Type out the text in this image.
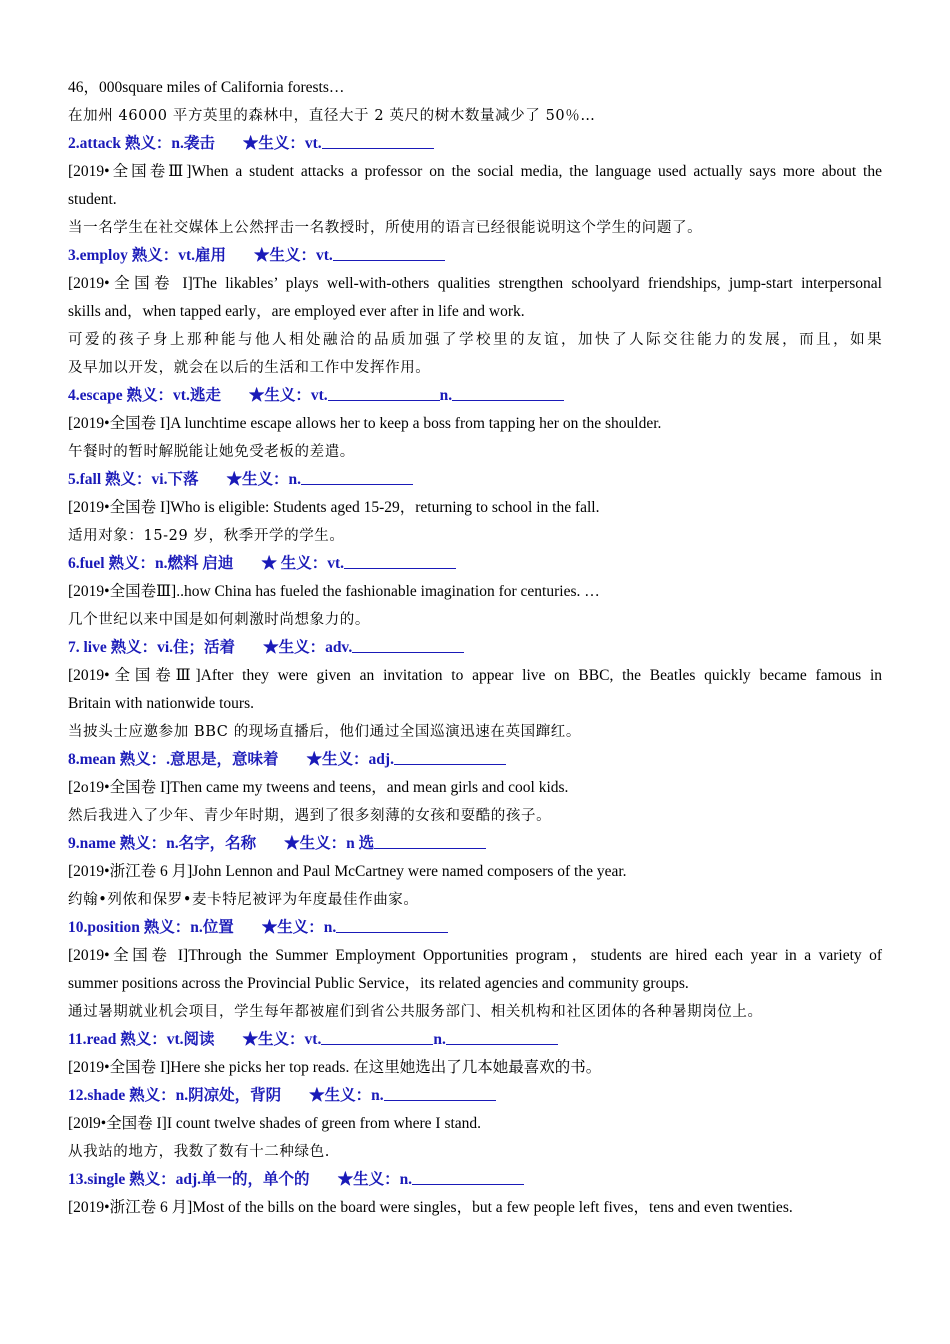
46，000square miles of California forests…
在加州 46000 平方英里的森林中，直径大于 2 英尺的树木数量减少了 50％…
2.attack 熟义：n.袭击 ★生义：vt.
[2019•全国卷Ⅲ]When a student attacks a professor on the social media, the language used actually says more about the
student.
当一名学生在社交媒体上公然抨击一名教授时，所使用的语言已经很能说明这个学生的问题了。
3.employ 熟义：vt.雇用 ★生义：vt.
[2019•全国卷 I]The likables’ plays well-with-others qualities strengthen schoolyard friendships, jump-start interpersonal
skills and，when tapped early，are employed ever after in life and work.
可爱的孩子身上那种能与他人相处融洽的品质加强了学校里的友谊，加快了人际交往能力的发展，而且，如果
及早加以开发，就会在以后的生活和工作中发挥作用。
4.escape 熟义：vt.逃走 ★生义：vt.	n.
[2019•全国卷 I]A lunchtime escape allows her to keep a boss from tapping her on the shoulder.
午餐时的暂时解脱能让她免受老板的差遣。
5.fall 熟义：vi.下落 ★生义：n.
[2019•全国卷 I]Who is eligible: Students aged 15-29，returning to school in the fall.
适用对象：15-29 岁，秋季开学的学生。
6.fuel 熟义：n.燃料 启迪 ★ 生义：vt.
[2019•全国卷Ⅲ]..how China has fueled the fashionable imagination for centuries. …
几个世纪以来中国是如何刺激时尚想象力的。
7. live 熟义：vi.住；活着 ★生义：adv.
[2019•全国卷Ⅲ]After they were given an invitation to appear live on BBC, the Beatles quickly became famous in
Britain with nationwide tours.
当披头士应邀参加 BBC 的现场直播后，他们通过全国巡演迅速在英国蹿红。
8.mean 熟义：.意思是，意味着 ★生义：adj.
[2o19•全国卷 I]Then came my tweens and teens，and mean girls and cool kids.
然后我进入了少年、青少年时期，遇到了很多刻薄的女孩和耍酷的孩子。
9.name 熟义：n.名字，名称 ★生义：n 选
[2019•浙江卷 6 月]John Lennon and Paul McCartney were named composers of the year.
约翰•列侬和保罗•麦卡特尼被评为年度最佳作曲家。
10.position 熟义：n.位置 ★生义：n.
[2019•全国卷 I]Through the Summer Employment Opportunities program，students are hired each year in a variety of
summer positions across the Provincial Public Service，its related agencies and community groups.
通过暑期就业机会项目，学生每年都被雇们到省公共服务部门、相关机构和社区团体的各种暑期岗位上。
11.read 熟义：vt.阅读 ★生义：vt.	n.
[2019•全国卷 I]Here she picks her top reads. 在这里她选出了几本她最喜欢的书。
12.shade 熟义：n.阴凉处，背阴 ★生义：n.
[20l9•全国卷 I]I count twelve shades of green from where I stand.
从我站的地方，我数了数有十二种绿色.
13.single 熟义：adj.单一的，单个的 ★生义：n.
[2019•浙江卷 6 月]Most of the bills on the board were singles，but a few people left fives，tens and even twenties.
